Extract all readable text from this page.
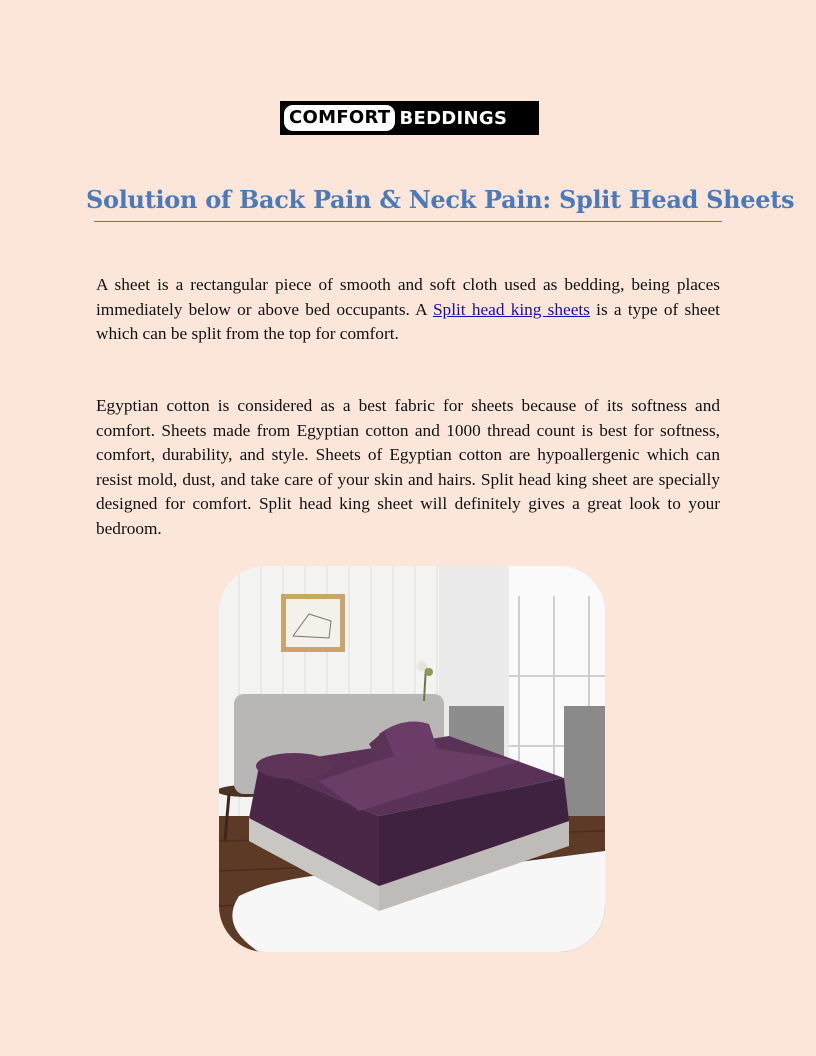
COMFORT BEDDINGS
Solution of Back Pain & Neck Pain: Split Head Sheets

A sheet is a rectangular piece of smooth and soft cloth used as bedding, being places immediately below or above bed occupants. A Split head king sheets is a type of sheet which can be split from the top for comfort.

Egyptian cotton is considered as a best fabric for sheets because of its softness and comfort. Sheets made from Egyptian cotton and 1000 thread count is best for softness, comfort, durability, and style. Sheets of Egyptian cotton are hypoallergenic which can resist mold, dust, and take care of your skin and hairs. Split head king sheet are specially designed for comfort. Split head king sheet will definitely gives a great look to your bedroom.
